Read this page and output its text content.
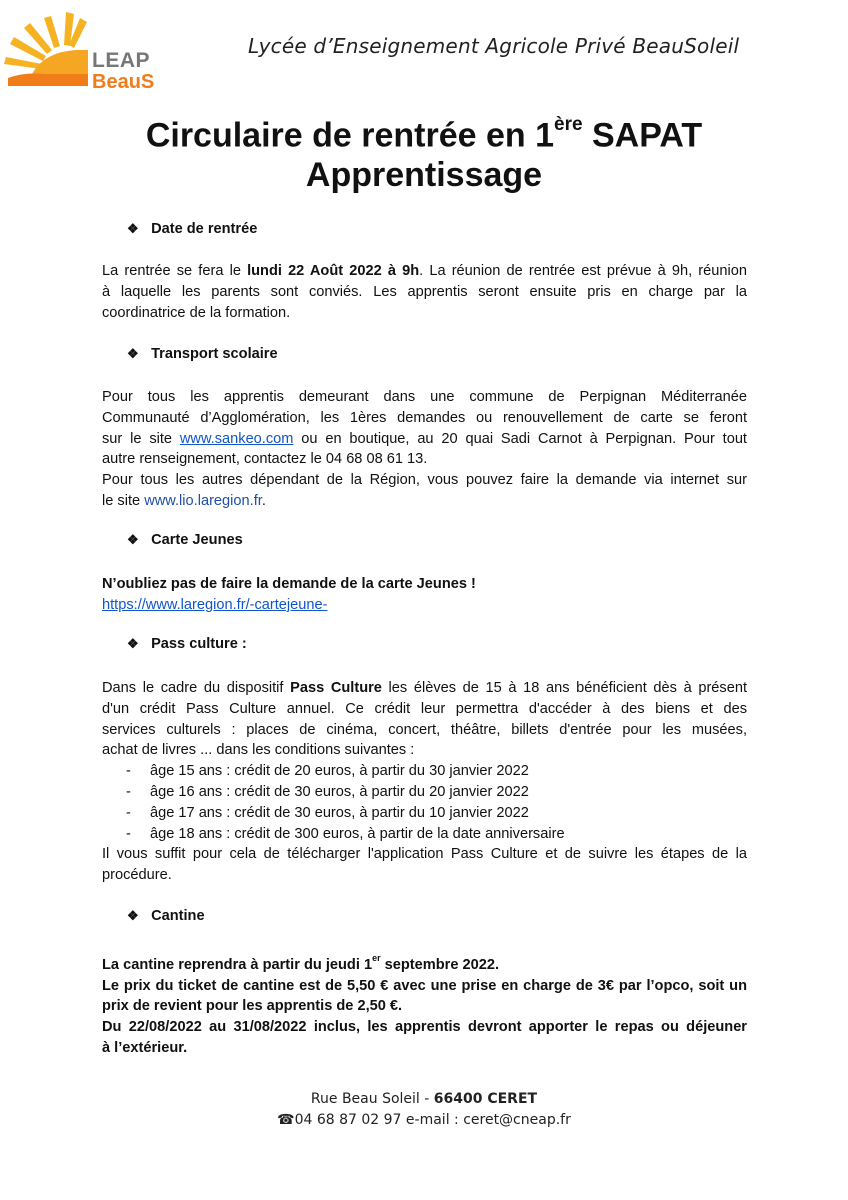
LEAP
BeauS
Lycée d’Enseignement Agricole Privé BeauSoleil
Circulaire de rentrée en 1ère SAPAT
Apprentissage
❖ Date de rentrée
La rentrée se fera le lundi 22 Août 2022 à 9h. La réunion de rentrée est prévue à 9h, réunion
à laquelle les parents sont conviés. Les apprentis seront ensuite pris en charge par la
coordinatrice de la formation.
❖ Transport scolaire
Pour tous les apprentis demeurant dans une commune de Perpignan Méditerranée
Communauté d’Agglomération, les 1ères demandes ou renouvellement de carte se feront
sur le site www.sankeo.com ou en boutique, au 20 quai Sadi Carnot à Perpignan. Pour tout
autre renseignement, contactez le 04 68 08 61 13.
Pour tous les autres dépendant de la Région, vous pouvez faire la demande via internet sur
le site www.lio.laregion.fr.
❖ Carte Jeunes
N’oubliez pas de faire la demande de la carte Jeunes !
https://www.laregion.fr/-cartejeune-
❖ Pass culture :
Dans le cadre du dispositif Pass Culture les élèves de 15 à 18 ans bénéficient dès à présent
d'un crédit Pass Culture annuel. Ce crédit leur permettra d'accéder à des biens et des
services culturels : places de cinéma, concert, théâtre, billets d'entrée pour les musées,
achat de livres ... dans les conditions suivantes :
- âge 15 ans : crédit de 20 euros, à partir du 30 janvier 2022
- âge 16 ans : crédit de 30 euros, à partir du 20 janvier 2022
- âge 17 ans : crédit de 30 euros, à partir du 10 janvier 2022
- âge 18 ans : crédit de 300 euros, à partir de la date anniversaire
Il vous suffit pour cela de télécharger l'application Pass Culture et de suivre les étapes de la
procédure.
❖ Cantine
La cantine reprendra à partir du jeudi 1er septembre 2022.
Le prix du ticket de cantine est de 5,50 € avec une prise en charge de 3€ par l’opco, soit un
prix de revient pour les apprentis de 2,50 €.
Du 22/08/2022 au 31/08/2022 inclus, les apprentis devront apporter le repas ou déjeuner
à l’extérieur.
Rue Beau Soleil - 66400 CERET
☎04 68 87 02 97 e-mail : ceret@cneap.fr
